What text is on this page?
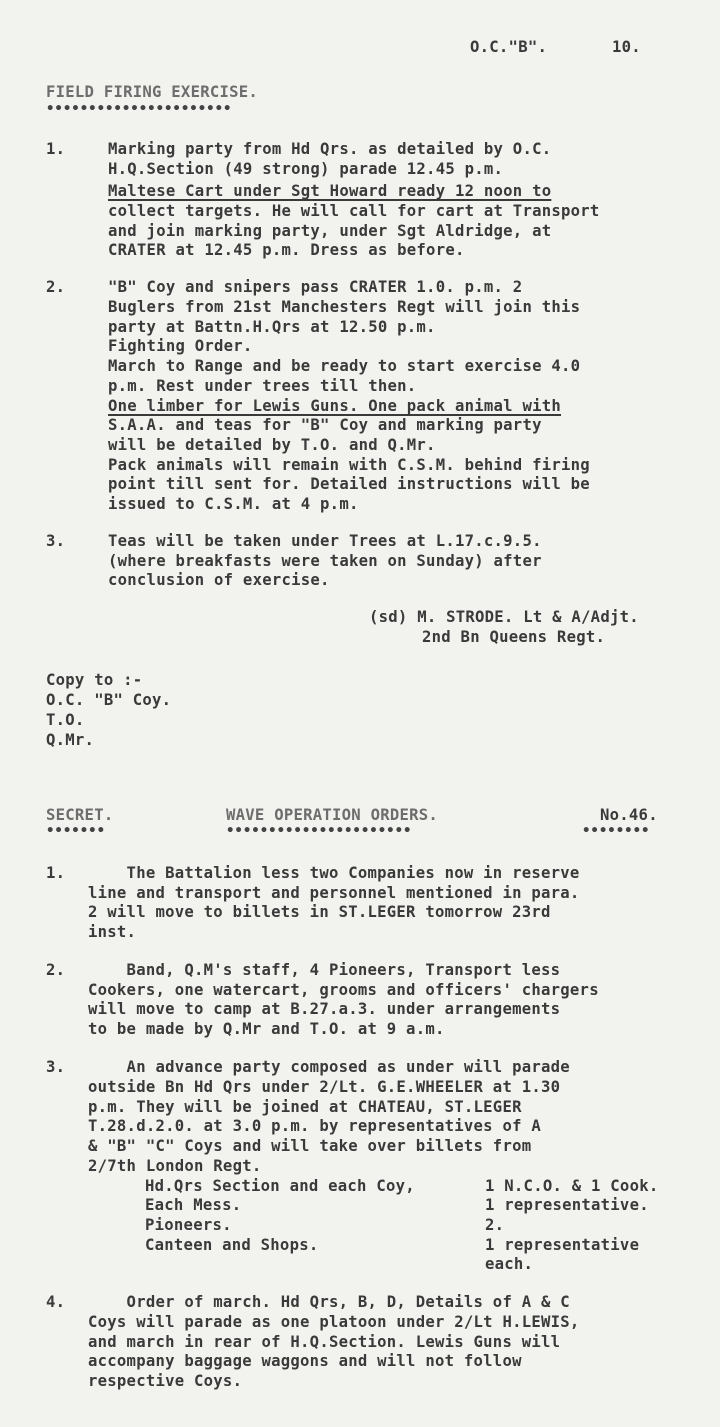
O.C."B".	10.
FIELD FIRING EXERCISE.
••••••••••••••••••••••
1.	Marking party from Hd Qrs. as detailed by O.C.
H.Q.Section (49 strong) parade 12.45 p.m.
Maltese Cart under Sgt Howard ready 12 noon to
collect targets. He will call for cart at Transport
and join marking party, under Sgt Aldridge, at
CRATER at 12.45 p.m. Dress as before.
2.	"B" Coy and snipers pass CRATER 1.0. p.m. 2
Buglers from 21st Manchesters Regt will join this
party at Battn.H.Qrs at 12.50 p.m.
Fighting Order.
March to Range and be ready to start exercise 4.0
p.m. Rest under trees till then.
One limber for Lewis Guns. One pack animal with
S.A.A. and teas for "B" Coy and marking party
will be detailed by T.O. and Q.Mr.
Pack animals will remain with C.S.M. behind firing
point till sent for. Detailed instructions will be
issued to C.S.M. at 4 p.m.
3.	Teas will be taken under Trees at L.17.c.9.5.
(where breakfasts were taken on Sunday) after
conclusion of exercise.
(sd) M. STRODE. Lt & A/Adjt.
2nd Bn Queens Regt.
Copy to :-
O.C. "B" Coy.
T.O.
Q.Mr.
SECRET.
•••••••
WAVE OPERATION ORDERS.
••••••••••••••••••••••
No.46.
••••••••
1. The Battalion less two Companies now in reserve
line and transport and personnel mentioned in para.
2 will move to billets in ST.LEGER tomorrow 23rd
inst.
2. Band, Q.M's staff, 4 Pioneers, Transport less
Cookers, one watercart, grooms and officers' chargers
will move to camp at B.27.a.3. under arrangements
to be made by Q.Mr and T.O. at 9 a.m.
3. An advance party composed as under will parade
outside Bn Hd Qrs under 2/Lt. G.E.WHEELER at 1.30
p.m. They will be joined at CHATEAU, ST.LEGER
T.28.d.2.0. at 3.0 p.m. by representatives of A
& "B" "C" Coys and will take over billets from
2/7th London Regt.
Hd.Qrs Section and each Coy,	1 N.C.O. & 1 Cook.
Each Mess.	1 representative.
Pioneers.	2.
Canteen and Shops.	1 representative
each.
4. Order of march. Hd Qrs, B, D, Details of A & C
Coys will parade as one platoon under 2/Lt H.LEWIS,
and march in rear of H.Q.Section. Lewis Guns will
accompany baggage waggons and will not follow
respective Coys.
